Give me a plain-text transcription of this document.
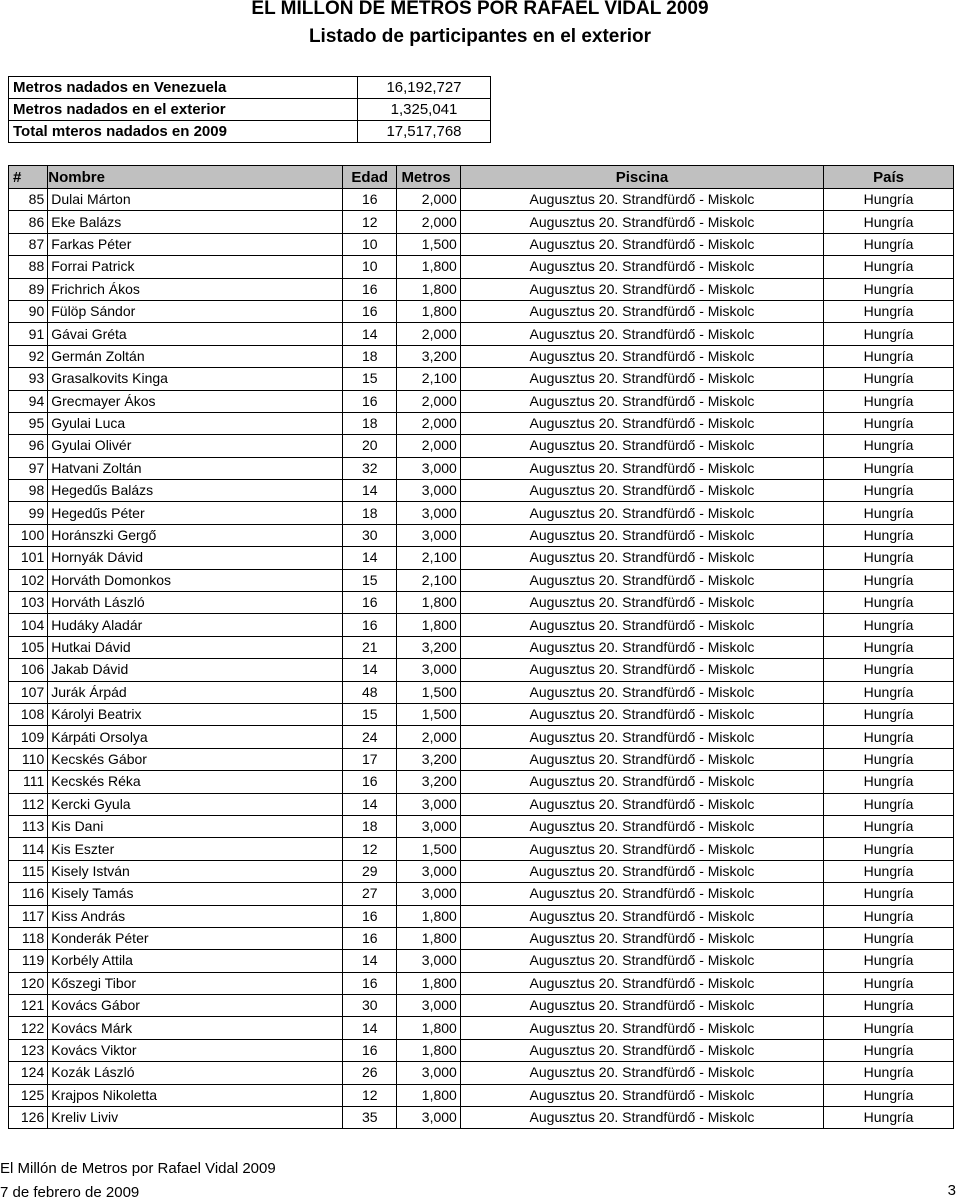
EL MILLON DE METROS POR RAFAEL VIDAL 2009
Listado de participantes en el exterior
Metros nadados en Venezuela	16,192,727
Metros nadados en el exterior	1,325,041
Total mteros nadados en 2009	17,517,768
#	Nombre	Edad	Metros	Piscina	País
85	Dulai Márton	16	2,000	Augusztus 20. Strandfürdő - Miskolc	Hungría
86	Eke Balázs	12	2,000	Augusztus 20. Strandfürdő - Miskolc	Hungría
87	Farkas Péter	10	1,500	Augusztus 20. Strandfürdő - Miskolc	Hungría
88	Forrai Patrick	10	1,800	Augusztus 20. Strandfürdő - Miskolc	Hungría
89	Frichrich Ákos	16	1,800	Augusztus 20. Strandfürdő - Miskolc	Hungría
90	Fülöp Sándor	16	1,800	Augusztus 20. Strandfürdő - Miskolc	Hungría
91	Gávai Gréta	14	2,000	Augusztus 20. Strandfürdő - Miskolc	Hungría
92	Germán Zoltán	18	3,200	Augusztus 20. Strandfürdő - Miskolc	Hungría
93	Grasalkovits Kinga	15	2,100	Augusztus 20. Strandfürdő - Miskolc	Hungría
94	Grecmayer Ákos	16	2,000	Augusztus 20. Strandfürdő - Miskolc	Hungría
95	Gyulai Luca	18	2,000	Augusztus 20. Strandfürdő - Miskolc	Hungría
96	Gyulai Olivér	20	2,000	Augusztus 20. Strandfürdő - Miskolc	Hungría
97	Hatvani Zoltán	32	3,000	Augusztus 20. Strandfürdő - Miskolc	Hungría
98	Hegedűs Balázs	14	3,000	Augusztus 20. Strandfürdő - Miskolc	Hungría
99	Hegedűs Péter	18	3,000	Augusztus 20. Strandfürdő - Miskolc	Hungría
100	Horánszki Gergő	30	3,000	Augusztus 20. Strandfürdő - Miskolc	Hungría
101	Hornyák Dávid	14	2,100	Augusztus 20. Strandfürdő - Miskolc	Hungría
102	Horváth Domonkos	15	2,100	Augusztus 20. Strandfürdő - Miskolc	Hungría
103	Horváth László	16	1,800	Augusztus 20. Strandfürdő - Miskolc	Hungría
104	Hudáky Aladár	16	1,800	Augusztus 20. Strandfürdő - Miskolc	Hungría
105	Hutkai Dávid	21	3,200	Augusztus 20. Strandfürdő - Miskolc	Hungría
106	Jakab Dávid	14	3,000	Augusztus 20. Strandfürdő - Miskolc	Hungría
107	Jurák Árpád	48	1,500	Augusztus 20. Strandfürdő - Miskolc	Hungría
108	Károlyi Beatrix	15	1,500	Augusztus 20. Strandfürdő - Miskolc	Hungría
109	Kárpáti Orsolya	24	2,000	Augusztus 20. Strandfürdő - Miskolc	Hungría
110	Kecskés Gábor	17	3,200	Augusztus 20. Strandfürdő - Miskolc	Hungría
111	Kecskés Réka	16	3,200	Augusztus 20. Strandfürdő - Miskolc	Hungría
112	Kercki Gyula	14	3,000	Augusztus 20. Strandfürdő - Miskolc	Hungría
113	Kis Dani	18	3,000	Augusztus 20. Strandfürdő - Miskolc	Hungría
114	Kis Eszter	12	1,500	Augusztus 20. Strandfürdő - Miskolc	Hungría
115	Kisely István	29	3,000	Augusztus 20. Strandfürdő - Miskolc	Hungría
116	Kisely Tamás	27	3,000	Augusztus 20. Strandfürdő - Miskolc	Hungría
117	Kiss András	16	1,800	Augusztus 20. Strandfürdő - Miskolc	Hungría
118	Konderák Péter	16	1,800	Augusztus 20. Strandfürdő - Miskolc	Hungría
119	Korbély Attila	14	3,000	Augusztus 20. Strandfürdő - Miskolc	Hungría
120	Kőszegi Tibor	16	1,800	Augusztus 20. Strandfürdő - Miskolc	Hungría
121	Kovács Gábor	30	3,000	Augusztus 20. Strandfürdő - Miskolc	Hungría
122	Kovács Márk	14	1,800	Augusztus 20. Strandfürdő - Miskolc	Hungría
123	Kovács Viktor	16	1,800	Augusztus 20. Strandfürdő - Miskolc	Hungría
124	Kozák László	26	3,000	Augusztus 20. Strandfürdő - Miskolc	Hungría
125	Krajpos Nikoletta	12	1,800	Augusztus 20. Strandfürdő - Miskolc	Hungría
126	Kreliv Liviv	35	3,000	Augusztus 20. Strandfürdő - Miskolc	Hungría
El Millón de Metros por Rafael Vidal 2009
7 de febrero de 2009	3
